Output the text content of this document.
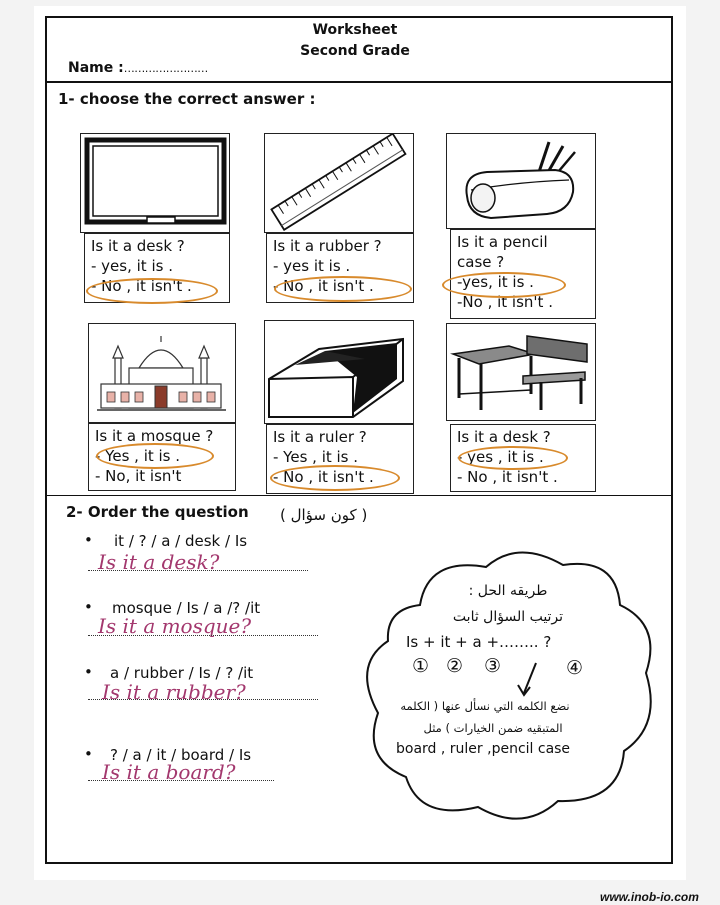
Worksheet
Second Grade
Name :……………………
1- choose the correct answer :
Is it a desk ?
- yes, it is .
- No , it isn't .
Is it a rubber ?
- yes it is .
- No , it isn't .
Is it a pencil
case ?
-yes, it is .
-No , it isn't .
Is it a mosque ?
- Yes , it is .
- No, it isn't
Is it a ruler ?
- Yes , it is .
- No , it isn't .
Is it a desk ?
- yes , it is .
- No , it isn't .
2- Order the question ( كون سؤال )
• it / ? / a / desk / Is
Is it a desk?
• mosque / Is / a /? /it
Is it a mosque?
• a / rubber / Is / ? /it
Is it a rubber?
• ? / a / it / board / Is
Is it a board?
طريقه الحل :
ترتيب السؤال ثابت
Is + it + a +…….. ?
① ② ③	④
نضع الكلمه التي نسأل عنها ( الكلمه
المتبقيه ضمن الخيارات ) مثل
board , ruler ,pencil case
www.inob-io.com
